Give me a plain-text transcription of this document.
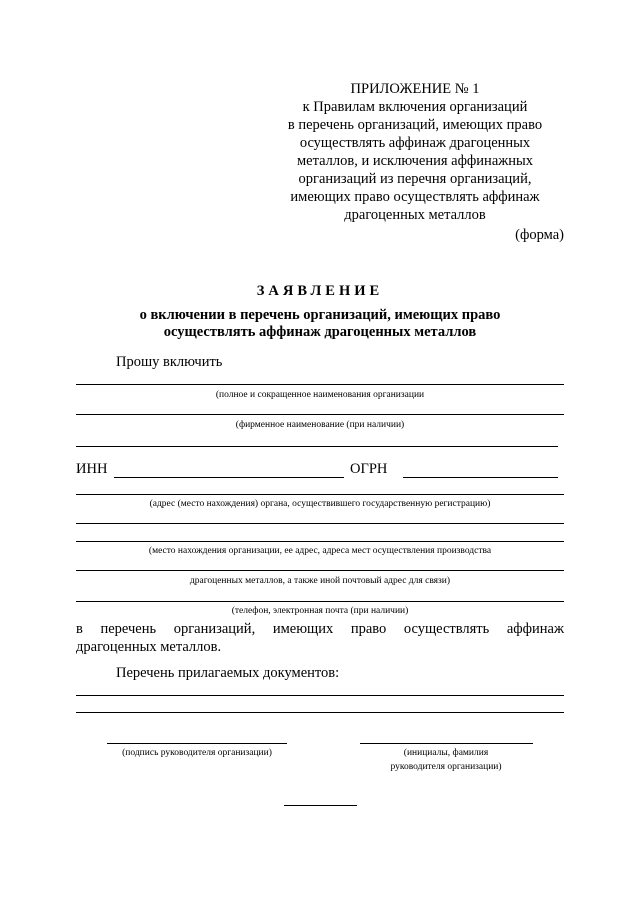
ПРИЛОЖЕНИЕ № 1
к Правилам включения организаций
в перечень организаций, имеющих право
осуществлять аффинаж драгоценных
металлов, и исключения аффинажных
организаций из перечня организаций,
имеющих право осуществлять аффинаж
драгоценных металлов
(форма)
ЗАЯВЛЕНИЕ
о включении в перечень организаций, имеющих право
осуществлять аффинаж драгоценных металлов
Прошу включить
(полное и сокращенное наименования организации
(фирменное наименование (при наличии)
ИНН	ОГРН
(адрес (место нахождения) органа, осуществившего государственную регистрацию)
(место нахождения организации, ее адрес, адреса мест осуществления производства
драгоценных металлов, а также иной почтовый адрес для связи)
(телефон, электронная почта (при наличии)
в перечень организаций, имеющих право осуществлять аффинаж
драгоценных металлов.
Перечень прилагаемых документов:
(подпись руководителя организации)	(инициалы, фамилия
руководителя организации)
